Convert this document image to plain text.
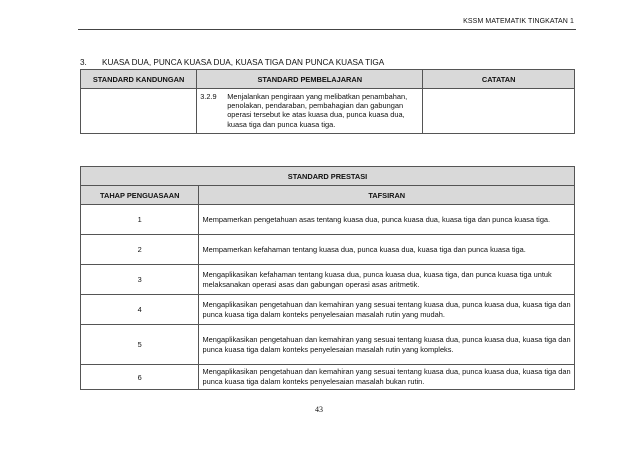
KSSM MATEMATIK TINGKATAN 1
3. KUASA DUA, PUNCA KUASA DUA, KUASA TIGA DAN PUNCA KUASA TIGA
STANDARD KANDUNGAN	STANDARD PEMBELAJARAN	CATATAN

	3.2.9 Menjalankan pengiraan yang melibatkan penambahan, penolakan, pendaraban, pembahagian dan gabungan operasi tersebut ke atas kuasa dua, punca kuasa dua, kuasa tiga dan punca kuasa tiga.	

STANDARD PRESTASI	
TAHAP PENGUASAAN	TAFSIRAN
1	Mempamerkan pengetahuan asas tentang kuasa dua, punca kuasa dua, kuasa tiga dan punca kuasa tiga.
2	Mempamerkan kefahaman tentang kuasa dua, punca kuasa dua, kuasa tiga dan punca kuasa tiga.
3	Mengaplikasikan kefahaman tentang kuasa dua, punca kuasa dua, kuasa tiga, dan punca kuasa tiga untuk melaksanakan operasi asas dan gabungan operasi asas aritmetik.
4	Mengaplikasikan pengetahuan dan kemahiran yang sesuai tentang kuasa dua, punca kuasa dua, kuasa tiga dan punca kuasa tiga dalam konteks penyelesaian masalah rutin yang mudah.
5	Mengaplikasikan pengetahuan dan kemahiran yang sesuai tentang kuasa dua, punca kuasa dua, kuasa tiga dan punca kuasa tiga dalam konteks penyelesaian masalah rutin yang kompleks.
6	Mengaplikasikan pengetahuan dan kemahiran yang sesuai tentang kuasa dua, punca kuasa dua, kuasa tiga dan punca kuasa tiga dalam konteks penyelesaian masalah bukan rutin.
43
